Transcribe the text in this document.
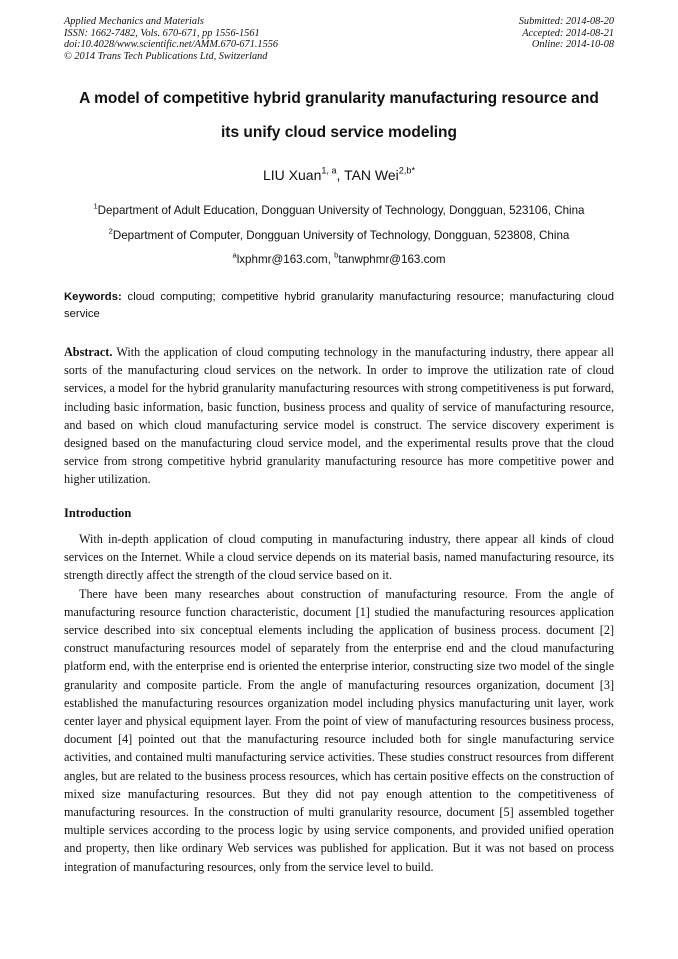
Applied Mechanics and Materials
ISSN: 1662-7482, Vols. 670-671, pp 1556-1561
doi:10.4028/www.scientific.net/AMM.670-671.1556
© 2014 Trans Tech Publications Ltd, Switzerland
Submitted: 2014-08-20
Accepted: 2014-08-21
Online: 2014-10-08
A model of competitive hybrid granularity manufacturing resource and
its unify cloud service modeling
LIU Xuan$^{1, a}$, TAN Wei$^{2,b*}$
$^1$Department of Adult Education, Dongguan University of Technology, Dongguan, 523106, China
$^2$Department of Computer, Dongguan University of Technology, Dongguan, 523808, China
$^a$lxphmr@163.com, $^b$tanwphmr@163.com
Keywords: cloud computing; competitive hybrid granularity manufacturing resource; manufacturing cloud service
Abstract. With the application of cloud computing technology in the manufacturing industry, there appear all sorts of the manufacturing cloud services on the network. In order to improve the utilization rate of cloud services, a model for the hybrid granularity manufacturing resources with strong competitiveness is put forward, including basic information, basic function, business process and quality of service of manufacturing resource, and based on which cloud manufacturing service model is construct. The service discovery experiment is designed based on the manufacturing cloud service model, and the experimental results prove that the cloud service from strong competitive hybrid granularity manufacturing resource has more competitive power and higher utilization.
Introduction

With in-depth application of cloud computing in manufacturing industry, there appear all kinds of cloud services on the Internet. While a cloud service depends on its material basis, named manufacturing resource, its strength directly affect the strength of the cloud service based on it.

There have been many researches about construction of manufacturing resource. From the angle of manufacturing resource function characteristic, document [1] studied the manufacturing resources application service described into six conceptual elements including the application of business process. document [2] construct manufacturing resources model of separately from the enterprise end and the cloud manufacturing platform end, with the enterprise end is oriented the enterprise interior, constructing size two model of the single granularity and composite particle. From the angle of manufacturing resources organization, document [3] established the manufacturing resources organization model including physics manufacturing unit layer, work center layer and physical equipment layer. From the point of view of manufacturing resources business process, document [4] pointed out that the manufacturing resource included both for single manufacturing service activities, and contained multi manufacturing service activities. These studies construct resources from different angles, but are related to the business process resources, which has certain positive effects on the construction of mixed size manufacturing resources. But they did not pay enough attention to the competitiveness of manufacturing resources. In the construction of multi granularity resource, document [5] assembled together multiple services according to the process logic by using service components, and provided unified operation and property, then like ordinary Web services was published for application. But it was not based on process integration of manufacturing resources, only from the service level to build.
